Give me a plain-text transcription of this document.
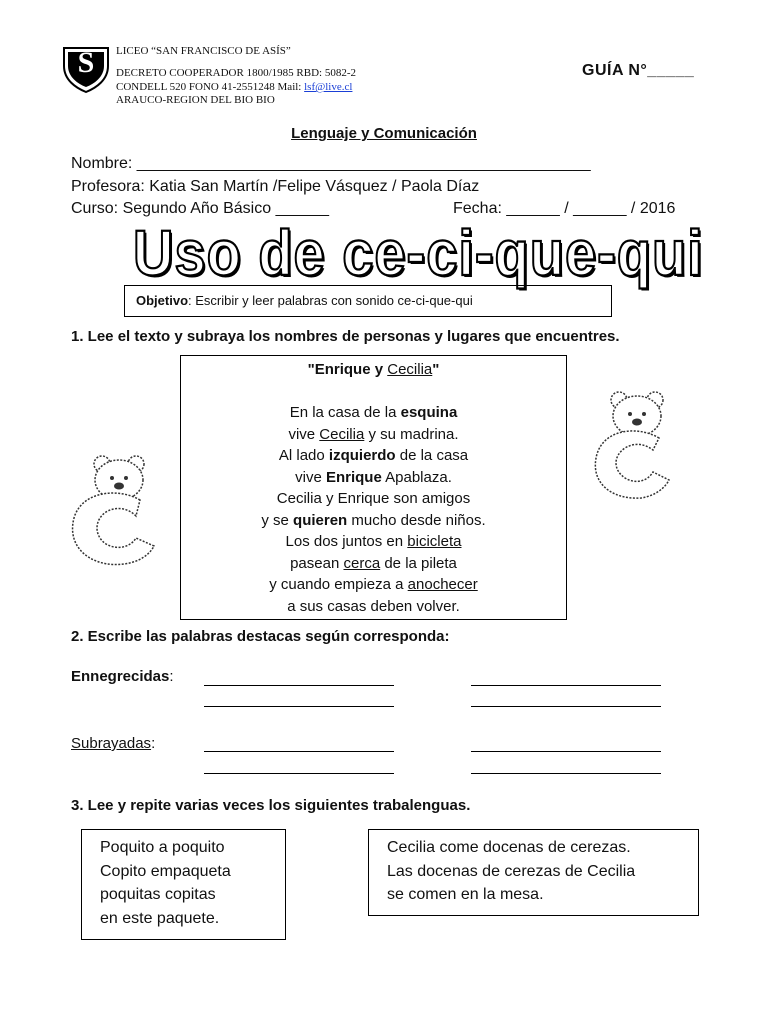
S	LICEO “SAN FRANCISCO DE ASÍS”
DECRETO COOPERADOR 1800/1985 RBD: 5082-2
CONDELL 520 FONO 41-2551248 Mail: lsf@live.cl
ARAUCO-REGION DEL BIO BIO
GUÍA N°_____
Lenguaje y Comunicación
Nombre: ___________________________________________________
Profesora: Katia San Martín /Felipe Vásquez / Paola Díaz
Curso: Segundo Año Básico ______	Fecha: ______ / ______ / 2016
Uso de ce-ci-que-qui
Objetivo: Escribir y leer palabras con sonido ce-ci-que-qui
1. Lee el texto y subraya los nombres de personas y lugares que encuentres.
"Enrique y Cecilia"
En la casa de la esquina
vive Cecilia y su madrina.
Al lado izquierdo de la casa
vive Enrique Apablaza.
Cecilia y Enrique son amigos
y se quieren mucho desde niños.
Los dos juntos en bicicleta
pasean cerca de la pileta
y cuando empieza a anochecer
a sus casas deben volver.
2. Escribe las palabras destacas según corresponda:
Ennegrecidas:
Subrayadas:
3. Lee y repite varias veces los siguientes trabalenguas.
Poquito a poquito
Copito empaqueta
poquitas copitas
en este paquete.
Cecilia come docenas de cerezas.
Las docenas de cerezas de Cecilia
se comen en la mesa.
